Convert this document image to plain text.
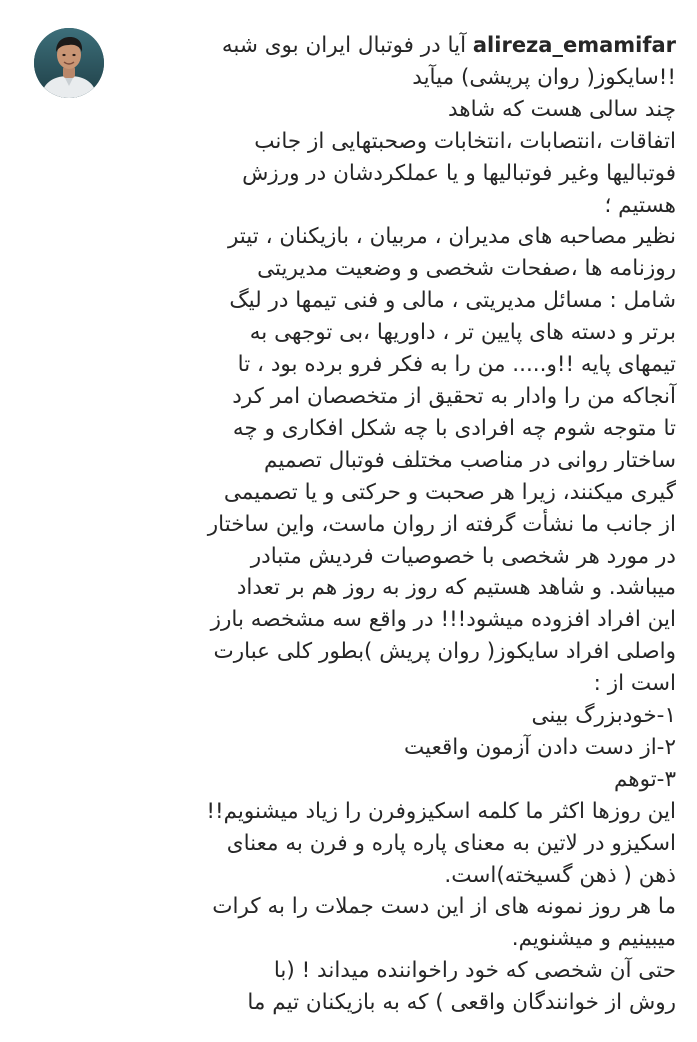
alireza_emamifar آیا در فوتبال ایران بوی شبه

!!سایکوز( روان پریشی) میآید

چند سالی هست که شاهد

اتفاقات ،انتصابات ،انتخابات وصحبتهایی از جانب

فوتبالیها وغیر فوتبالیها و یا عملکردشان در ورزش

هستیم ؛

نظیر مصاحبه های مدیران ، مربیان ، بازیکنان ، تیتر

روزنامه ها ،صفحات شخصی و وضعیت مدیریتی

شامل : مسائل مدیریتی ، مالی و فنی تیمها در لیگ

برتر و دسته های پایین تر ، داوریها ،بی توجهی به

تیمهای پایه !!و..... من را به فکر فرو برده بود ، تا

آنجاکه من را وادار به تحقیق از متخصصان امر کرد

تا متوجه شوم چه افرادی با چه شکل افکاری و چه

ساختار روانی در مناصب مختلف فوتبال تصمیم

گیری میکنند، زیرا هر صحبت و حرکتی و یا تصمیمی

از جانب ما نشأت گرفته از روان ماست، واین ساختار

در مورد هر شخصی با خصوصیات فردیش متبادر

میباشد. و شاهد هستیم که روز به روز هم بر تعداد

این افراد افزوده میشود!!! در واقع سه مشخصه بارز

واصلی افراد سایکوز( روان پریش )بطور کلی عبارت

است از :

۱-خودبزرگ بینی

۲-از دست دادن آزمون واقعیت

۳-توهم

این روزها اکثر ما کلمه اسکیزوفرن را زیاد میشنویم!!

اسکیزو در لاتین به معنای پاره پاره و فرن به معنای

ذهن ( ذهن گسیخته)است.

ما هر روز نمونه های از این دست جملات را به کرات

میبینیم و میشنویم.

حتی آن شخصی که خود راخواننده میداند ! (با

روش از خوانندگان واقعی ) که به بازیکنان تیم ما
